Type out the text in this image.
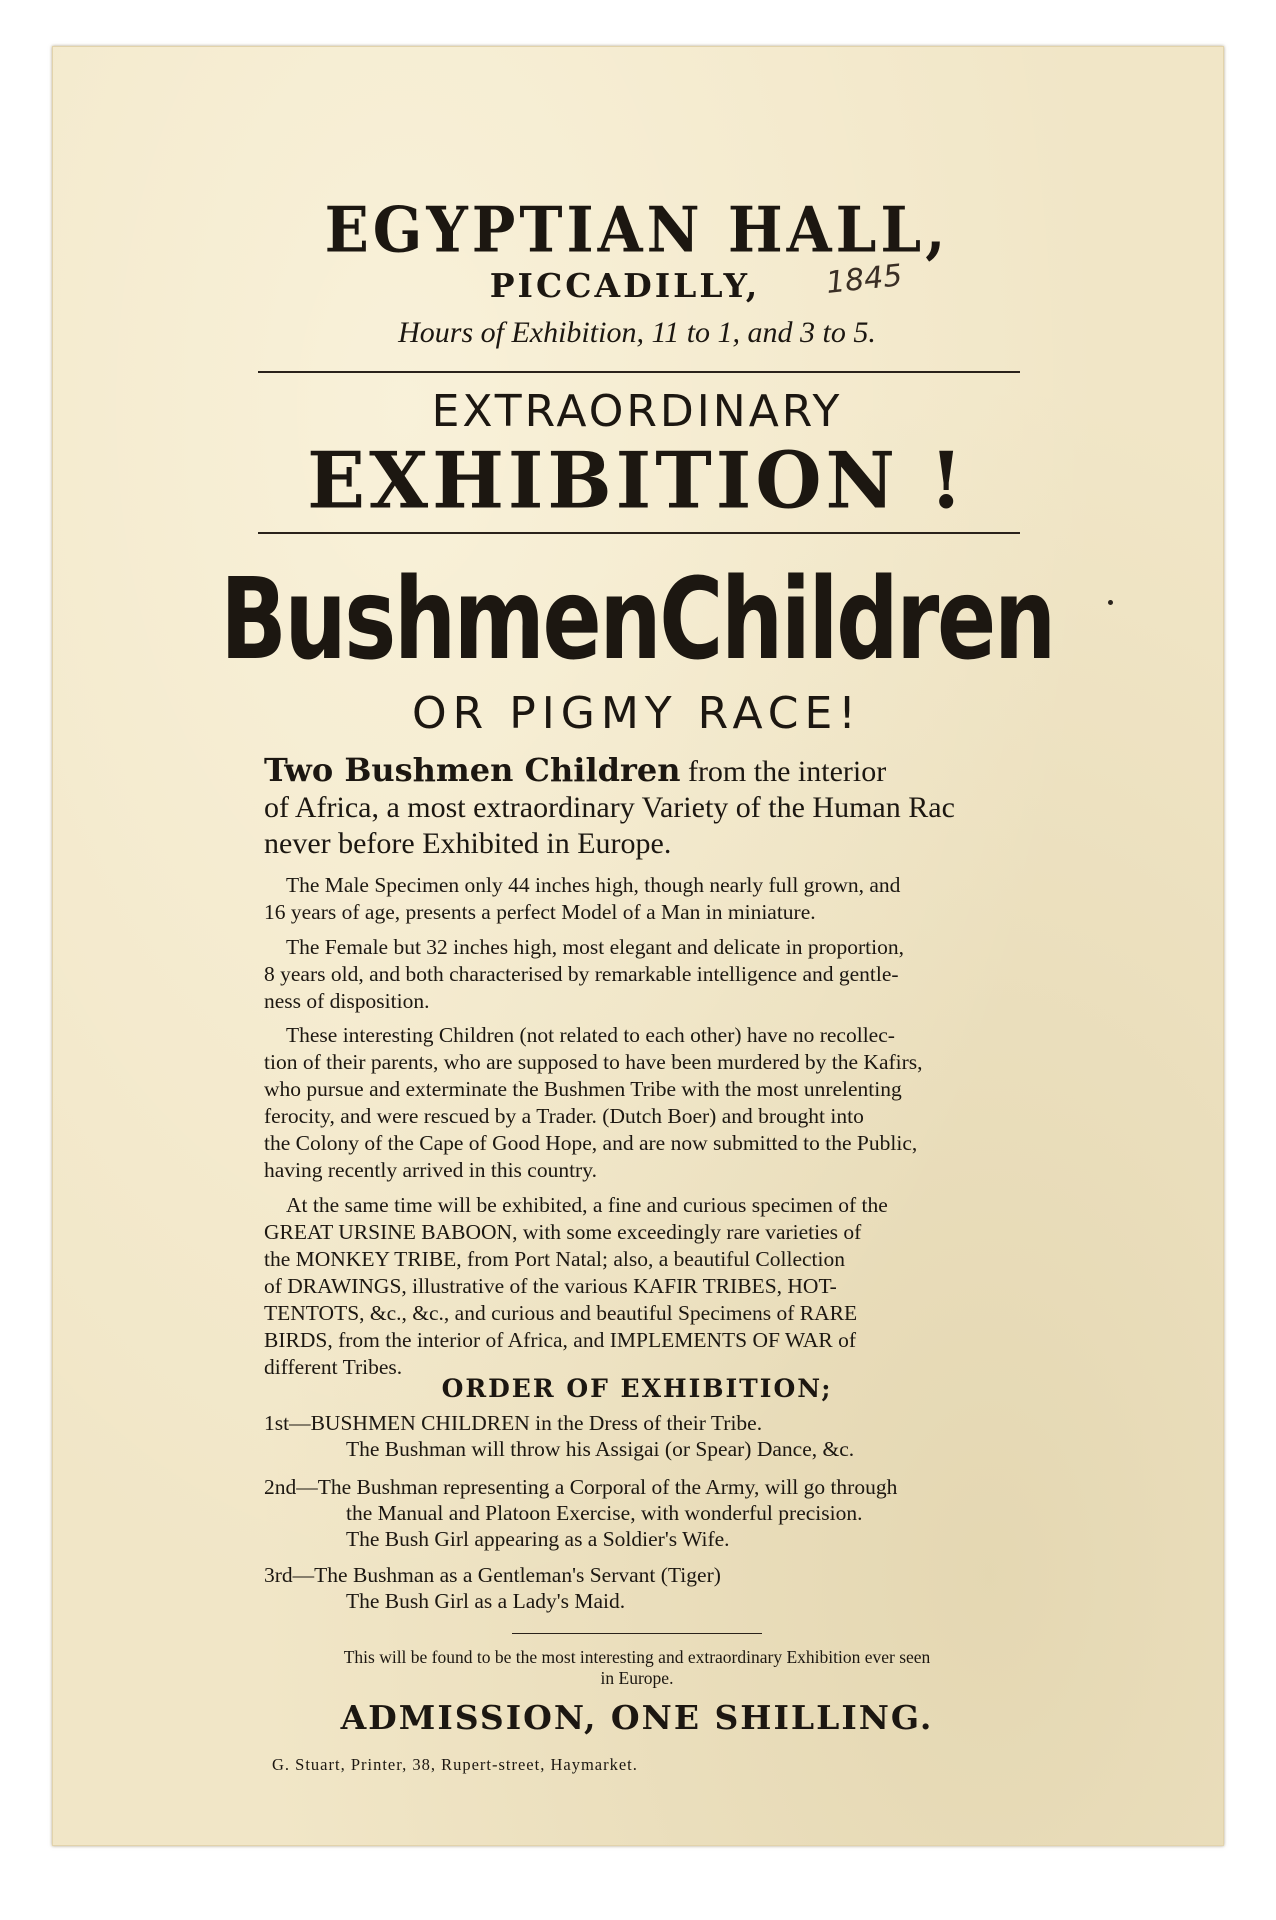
EGYPTIAN HALL,
PICCADILLY,	1845
Hours of Exhibition, 11 to 1, and 3 to 5.
EXTRAORDINARY
EXHIBITION !
BushmenChildren
OR PIGMY RACE!
Two Bushmen Children from the interior
of Africa, a most extraordinary Variety of the Human Rac
never before Exhibited in Europe.
The Male Specimen only 44 inches high, though nearly full grown, and
16 years of age, presents a perfect Model of a Man in miniature.
The Female but 32 inches high, most elegant and delicate in proportion,
8 years old, and both characterised by remarkable intelligence and gentle-
ness of disposition.
These interesting Children (not related to each other) have no recollec-
tion of their parents, who are supposed to have been murdered by the Kafirs,
who pursue and exterminate the Bushmen Tribe with the most unrelenting
ferocity, and were rescued by a Trader. (Dutch Boer) and brought into
the Colony of the Cape of Good Hope, and are now submitted to the Public,
having recently arrived in this country.
At the same time will be exhibited, a fine and curious specimen of the
GREAT URSINE BABOON, with some exceedingly rare varieties of
the MONKEY TRIBE, from Port Natal; also, a beautiful Collection
of DRAWINGS, illustrative of the various KAFIR TRIBES, HOT-
TENTOTS, &c., &c., and curious and beautiful Specimens of RARE
BIRDS, from the interior of Africa, and IMPLEMENTS OF WAR of
different Tribes.
ORDER OF EXHIBITION;
1st—BUSHMEN CHILDREN in the Dress of their Tribe.
The Bushman will throw his Assigai (or Spear) Dance, &c.
2nd—The Bushman representing a Corporal of the Army, will go through
the Manual and Platoon Exercise, with wonderful precision.
The Bush Girl appearing as a Soldier's Wife.
3rd—The Bushman as a Gentleman's Servant (Tiger)
The Bush Girl as a Lady's Maid.
This will be found to be the most interesting and extraordinary Exhibition ever seen
in Europe.
ADMISSION, ONE SHILLING.
G. Stuart, Printer, 38, Rupert-street, Haymarket.
